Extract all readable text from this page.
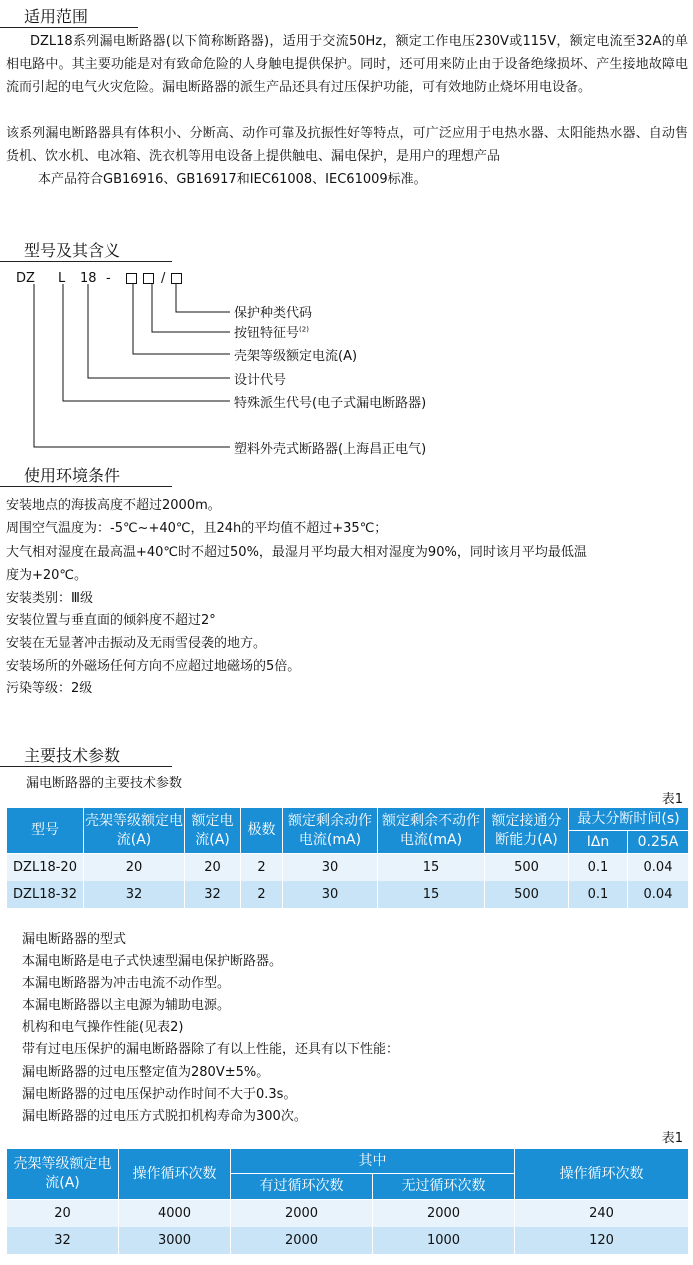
适用范围

DZL18系列漏电断路器(以下简称断路器)，适用于交流50Hz，额定工作电压230V或115V，额定电流至32A的单相电路中。其主要功能是对有致命危险的人身触电提供保护。同时，还可用来防止由于设备绝缘损坏、产生接地故障电流而引起的电气火灾危险。漏电断路器的派生产品还具有过压保护功能，可有效地防止烧坏用电设备。

该系列漏电断路器具有体积小、分断高、动作可靠及抗振性好等特点，可广泛应用于电热水器、太阳能热水器、自动售货机、饮水机、电冰箱、洗衣机等用电设备上提供触电、漏电保护，是用户的理想产品

本产品符合GB16916、GB16917和IEC61008、IEC61009标准。

型号及其含义
DZ L 18 -	/
保护种类代码
按钮特征号$^{(2)}$
壳架等级额定电流(A)
设计代号
特殊派生代号(电子式漏电断路器)
塑料外壳式断路器(上海昌正电气)
使用环境条件
安装地点的海拔高度不超过2000m。
周围空气温度为：-5℃~+40℃，且24h的平均值不超过+35℃；
大气相对湿度在最高温+40℃时不超过50%，最湿月平均最大相对湿度为90%，同时该月平均最低温
度为+20℃。
安装类别：Ⅲ级
安装位置与垂直面的倾斜度不超过2°
安装在无显著冲击振动及无雨雪侵袭的地方。
安装场所的外磁场任何方向不应超过地磁场的5倍。
污染等级：2级
主要技术参数
漏电断路器的主要技术参数
表1
型号	壳架等级额定电流(A)	额定电流(A)	极数	额定剩余动作电流(mA)	额定剩余不动作电流(mA)	额定接通分断能力(A)	最大分断时间(s)	
							IΔn	0.25A
DZL18-20	20	20	2	30	15	500	0.1	0.04
DZL18-32	32	32	2	30	15	500	0.1	0.04
漏电断路器的型式
本漏电断路是电子式快速型漏电保护断路器。
本漏电断路器为冲击电流不动作型。
本漏电断路器以主电源为辅助电源。
机构和电气操作性能(见表2)
带有过电压保护的漏电断路器除了有以上性能，还具有以下性能：
漏电断路器的过电压整定值为280V±5%。
漏电断路器的过电压保护动作时间不大于0.3s。
漏电断路器的过电压方式脱扣机构寿命为300次。
表1
壳架等级额定电流(A)	操作循环次数	其中		操作循环次数
		有过循环次数	无过循环次数	
20	4000	2000	2000	240
32	3000	2000	1000	120
